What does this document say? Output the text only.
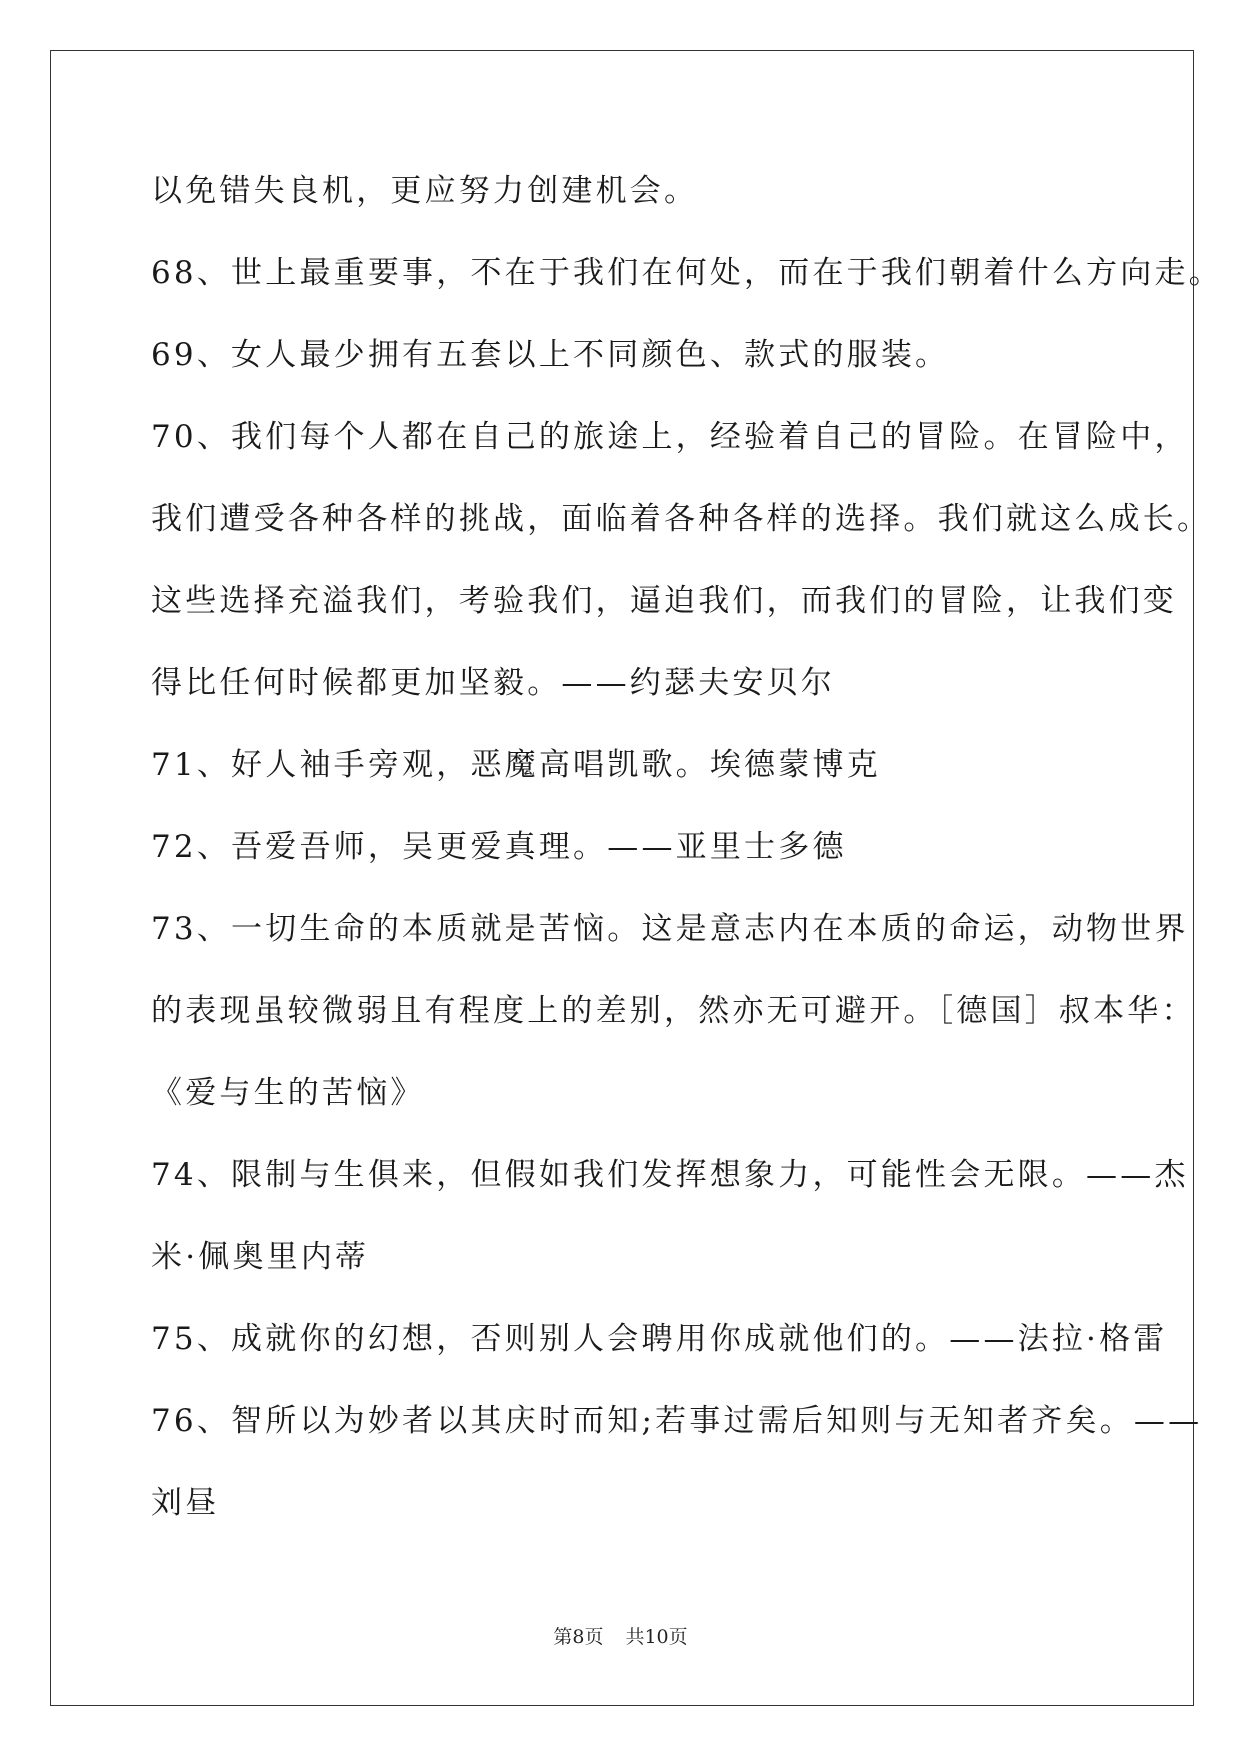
以免错失良机，更应努力创建机会。
68、世上最重要事，不在于我们在何处，而在于我们朝着什么方向走。
69、女人最少拥有五套以上不同颜色、款式的服装。
70、我们每个人都在自己的旅途上，经验着自己的冒险。在冒险中，
我们遭受各种各样的挑战，面临着各种各样的选择。我们就这么成长。
这些选择充溢我们，考验我们，逼迫我们，而我们的冒险，让我们变
得比任何时候都更加坚毅。——约瑟夫安贝尔
71、好人袖手旁观，恶魔高唱凯歌。埃德蒙博克
72、吾爱吾师，吴更爱真理。——亚里士多德
73、一切生命的本质就是苦恼。这是意志内在本质的命运，动物世界
的表现虽较微弱且有程度上的差别，然亦无可避开。［德国］叔本华：
《爱与生的苦恼》
74、限制与生俱来，但假如我们发挥想象力，可能性会无限。——杰
米·佩奥里内蒂
75、成就你的幻想，否则别人会聘用你成就他们的。——法拉·格雷
76、智所以为妙者以其庆时而知;若事过需后知则与无知者齐矣。——
刘昼
第8页 共10页
